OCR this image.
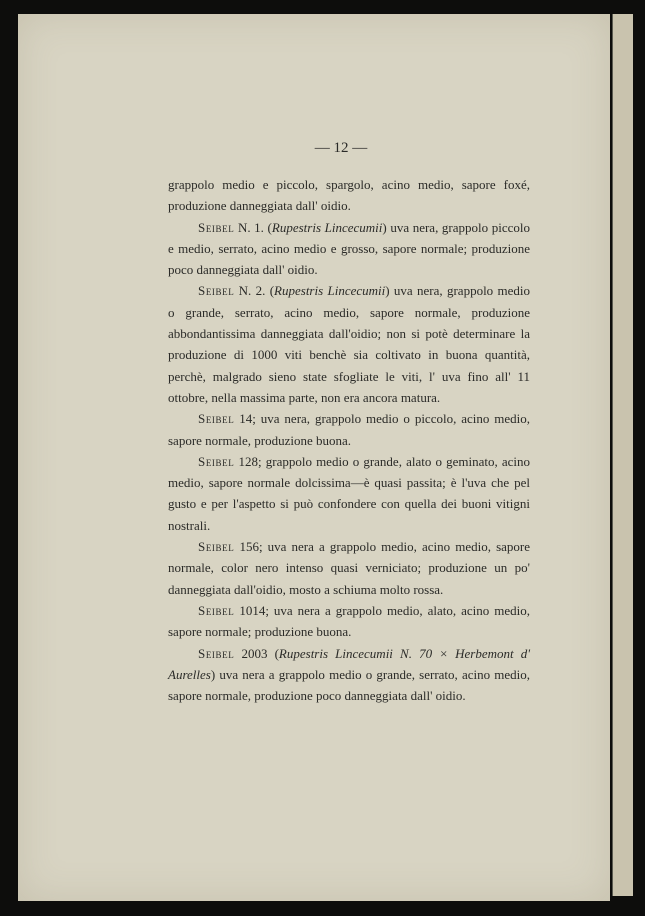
— 12 —

grappolo medio e piccolo, spargolo, acino medio, sapore foxé, produzione danneggiata dall' oidio.

Seibel N. 1. (Rupestris Lincecumii) uva nera, grappolo piccolo e medio, serrato, acino medio e grosso, sapore normale; produzione poco danneggiata dall' oidio.

Seibel N. 2. (Rupestris Lincecumii) uva nera, grappolo medio o grande, serrato, acino medio, sapore normale, produzione abbondantissima danneggiata dall'oidio; non si potè determinare la produzione di 1000 viti benchè sia coltivato in buona quantità, perchè, malgrado sieno state sfogliate le viti, l' uva fino all' 11 ottobre, nella massima parte, non era ancora matura.

Seibel 14; uva nera, grappolo medio o piccolo, acino medio, sapore normale, produzione buona.

Seibel 128; grappolo medio o grande, alato o geminato, acino medio, sapore normale dolcissima—è quasi passita; è l'uva che pel gusto e per l'aspetto si può confondere con quella dei buoni vitigni nostrali.

Seibel 156; uva nera a grappolo medio, acino medio, sapore normale, color nero intenso quasi verniciato; produzione un po' danneggiata dall'oidio, mosto a schiuma molto rossa.

Seibel 1014; uva nera a grappolo medio, alato, acino medio, sapore normale; produzione buona.

Seibel 2003 (Rupestris Lincecumii N. 70 × Herbemont d' Aurelles) uva nera a grappolo medio o grande, serrato, acino medio, sapore normale, produzione poco danneggiata dall' oidio.
